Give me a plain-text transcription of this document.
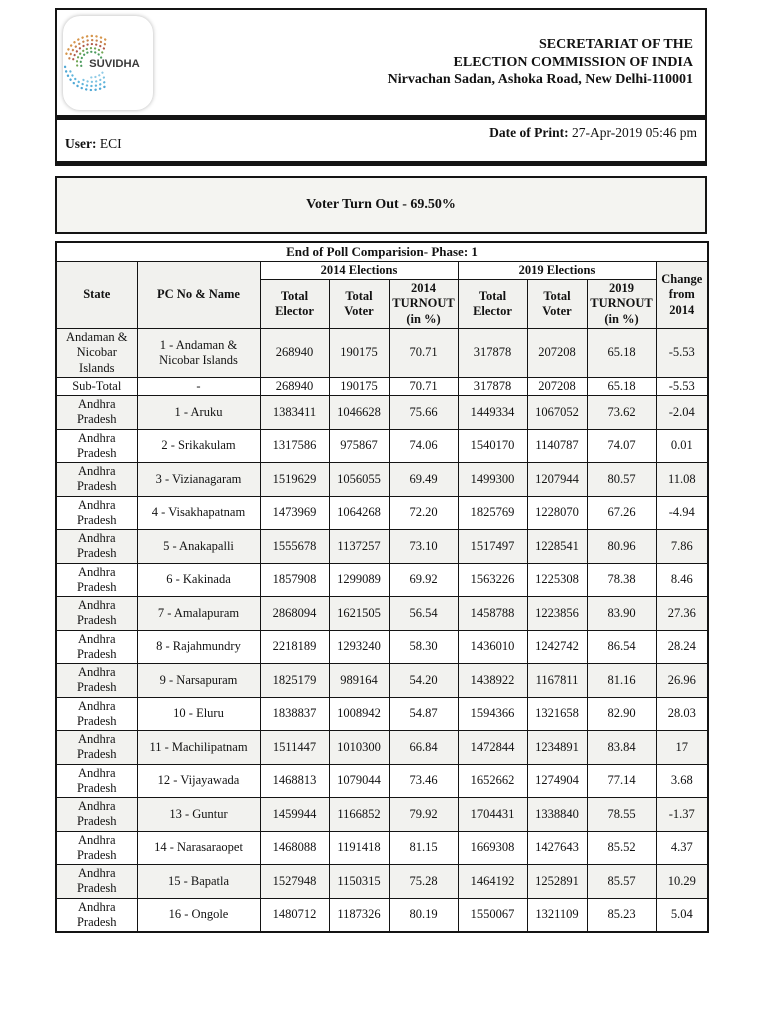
SUVIDHA
SECRETARIAT OF THE
ELECTION COMMISSION OF INDIA
Nirvachan Sadan, Ashoka Road, New Delhi-110001
User: ECI
Date of Print: 27-Apr-2019 05:46 pm
Voter Turn Out - 69.50%
End of Poll Comparision- Phase: 1								
State	PC No & Name	2014 Elections			2019 Elections			Change from 2014
		Total Elector	Total Voter	2014 TURNOUT (in %)	Total Elector	Total Voter	2019 TURNOUT (in %)	
Andaman & Nicobar Islands	1 - Andaman & Nicobar Islands	268940	190175	70.71	317878	207208	65.18	-5.53
Sub-Total	-	268940	190175	70.71	317878	207208	65.18	-5.53
Andhra Pradesh	1 - Aruku	1383411	1046628	75.66	1449334	1067052	73.62	-2.04
Andhra Pradesh	2 - Srikakulam	1317586	975867	74.06	1540170	1140787	74.07	0.01
Andhra Pradesh	3 - Vizianagaram	1519629	1056055	69.49	1499300	1207944	80.57	11.08
Andhra Pradesh	4 - Visakhapatnam	1473969	1064268	72.20	1825769	1228070	67.26	-4.94
Andhra Pradesh	5 - Anakapalli	1555678	1137257	73.10	1517497	1228541	80.96	7.86
Andhra Pradesh	6 - Kakinada	1857908	1299089	69.92	1563226	1225308	78.38	8.46
Andhra Pradesh	7 - Amalapuram	2868094	1621505	56.54	1458788	1223856	83.90	27.36
Andhra Pradesh	8 - Rajahmundry	2218189	1293240	58.30	1436010	1242742	86.54	28.24
Andhra Pradesh	9 - Narsapuram	1825179	989164	54.20	1438922	1167811	81.16	26.96
Andhra Pradesh	10 - Eluru	1838837	1008942	54.87	1594366	1321658	82.90	28.03
Andhra Pradesh	11 - Machilipatnam	1511447	1010300	66.84	1472844	1234891	83.84	17
Andhra Pradesh	12 - Vijayawada	1468813	1079044	73.46	1652662	1274904	77.14	3.68
Andhra Pradesh	13 - Guntur	1459944	1166852	79.92	1704431	1338840	78.55	-1.37
Andhra Pradesh	14 - Narasaraopet	1468088	1191418	81.15	1669308	1427643	85.52	4.37
Andhra Pradesh	15 - Bapatla	1527948	1150315	75.28	1464192	1252891	85.57	10.29
Andhra Pradesh	16 - Ongole	1480712	1187326	80.19	1550067	1321109	85.23	5.04
